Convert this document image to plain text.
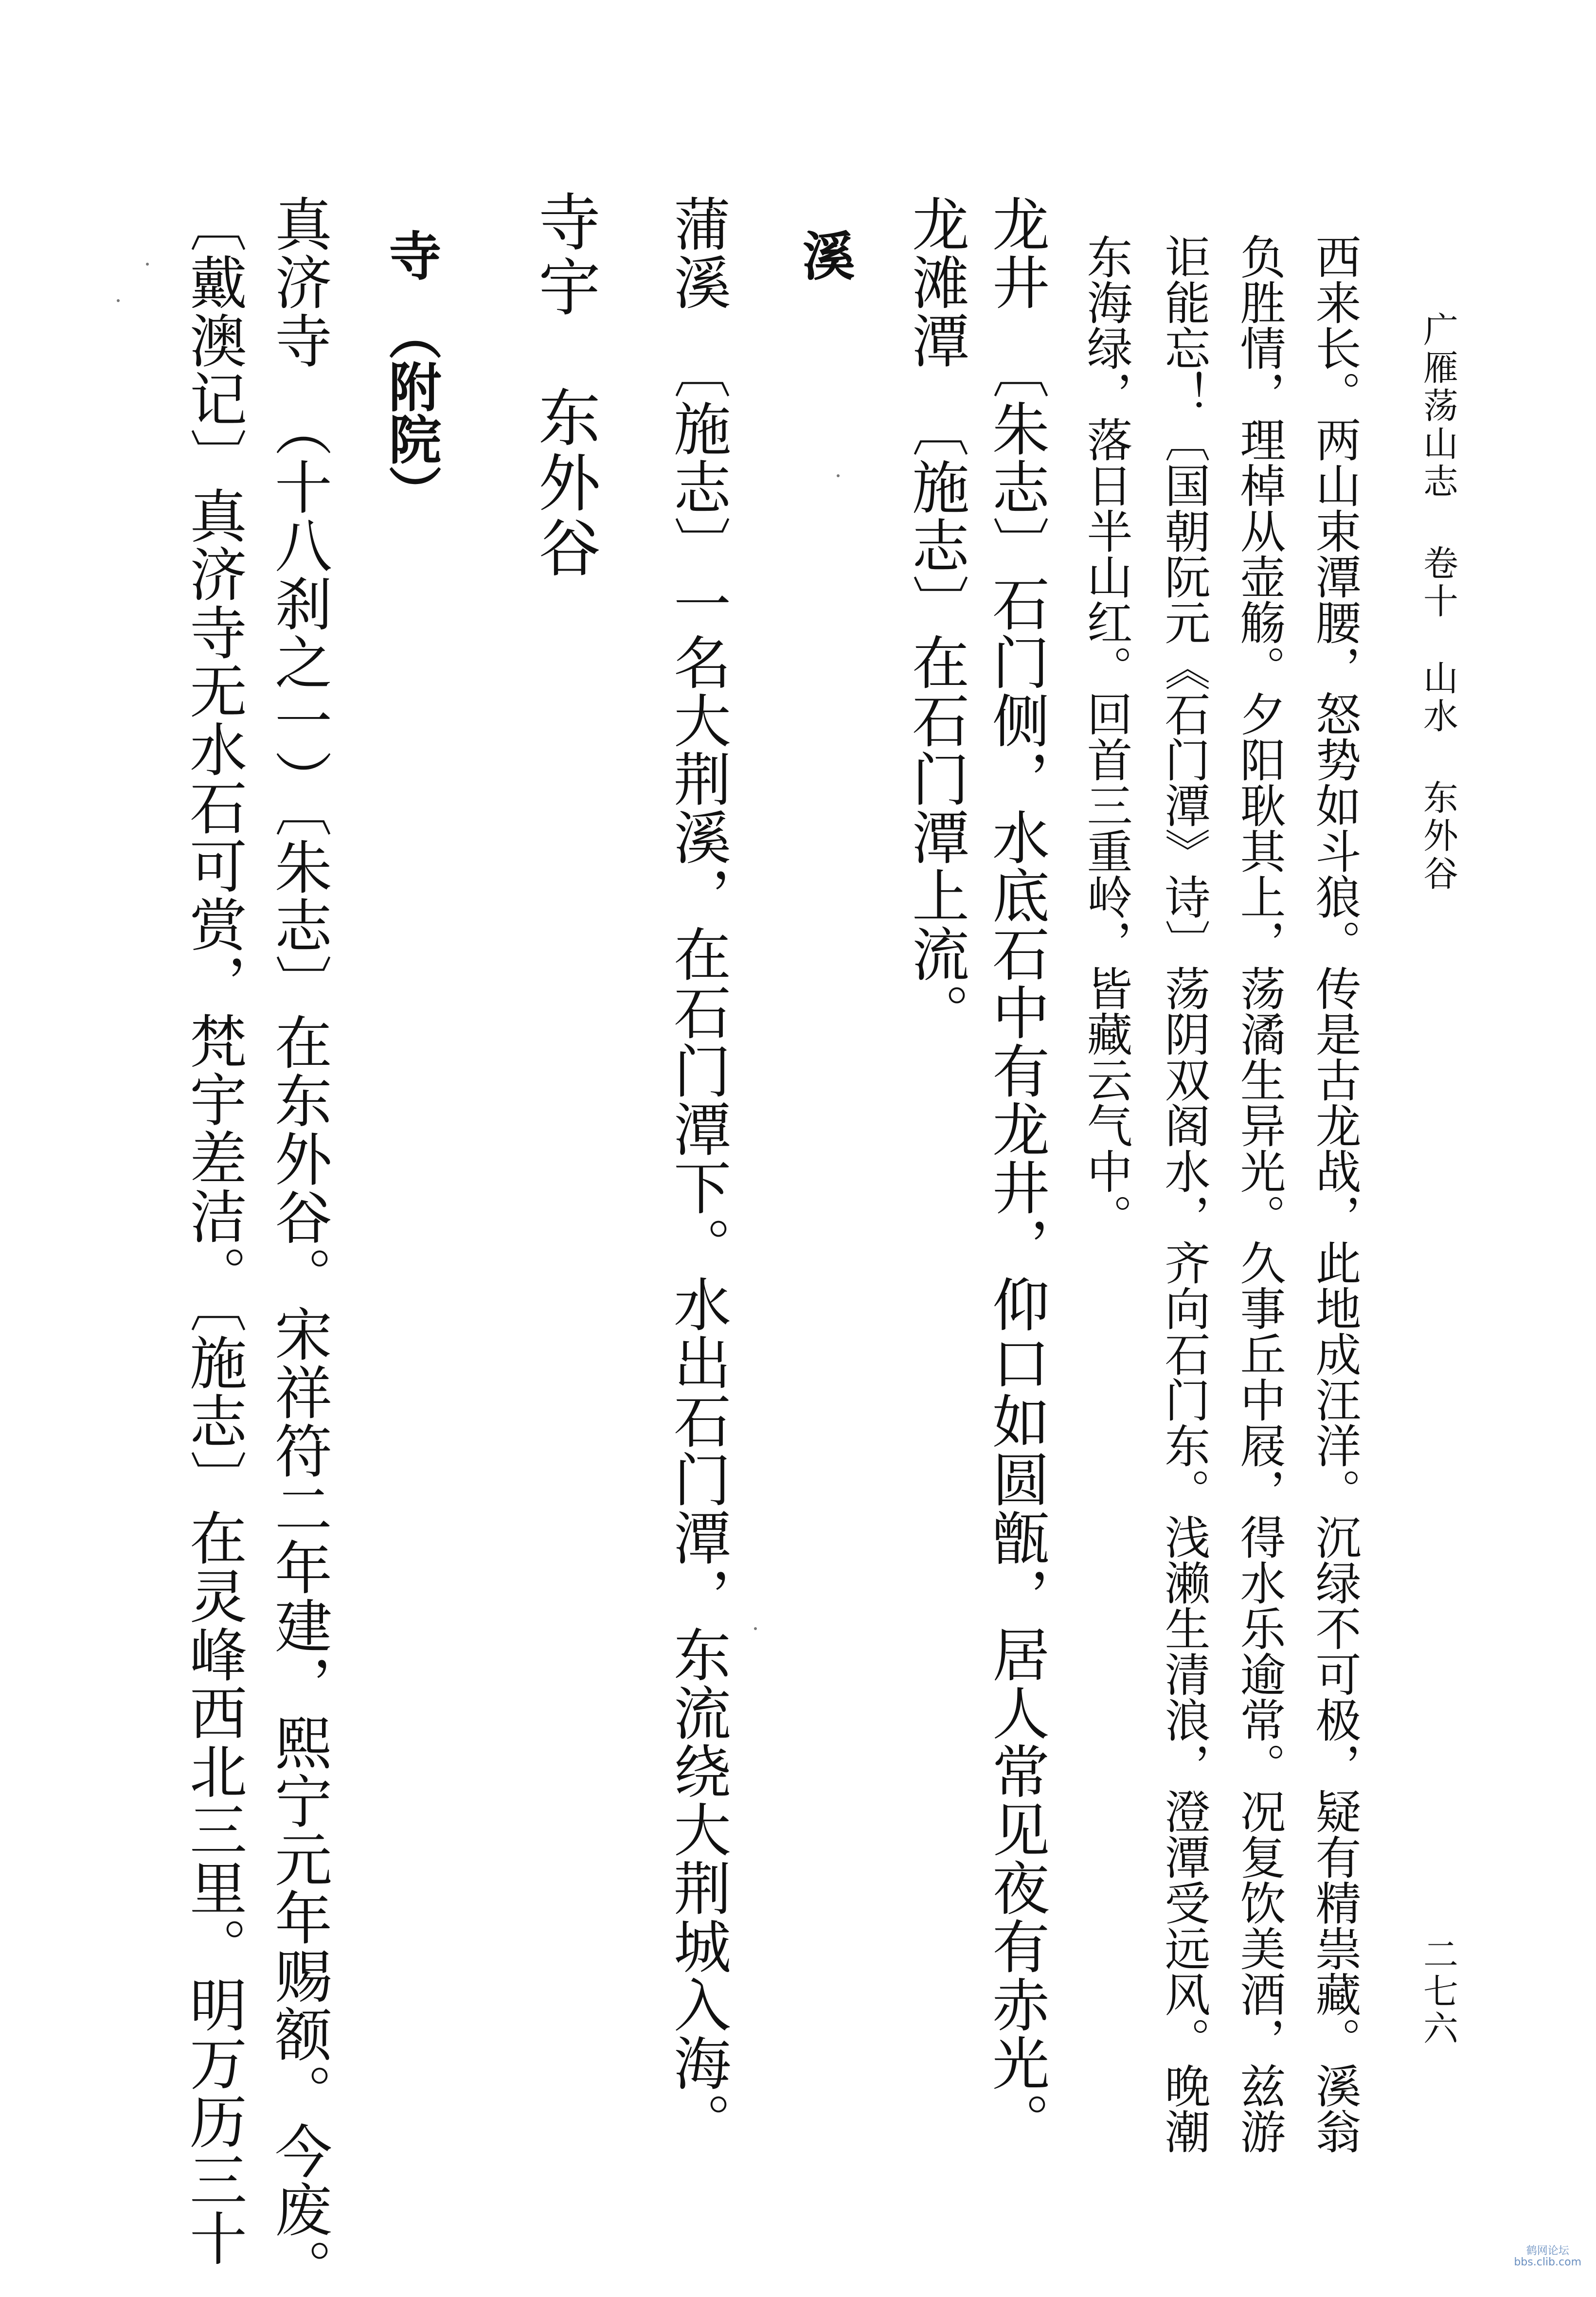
广雁荡山志卷十山水东外谷
二七六
西来长。两山束潭腰，怒势如斗狼。传是古龙战，此地成汪洋。沉绿不可极，疑有精祟藏。溪翁
负胜情，理棹从壶觞。夕阳耿其上，荡潏生异光。久事丘中屐，得水乐逾常。况复饮美酒，兹游
讵能忘！〔国朝阮元《石门潭》诗〕荡阴双阁水，齐向石门东。浅濑生清浪，澄潭受远风。晚潮
东海绿，落日半山红。回首三重岭，皆藏云气中。
龙井　〔朱志〕石门侧，水底石中有龙井，仰口如圆甑，居人常见夜有赤光。
龙滩潭　〔施志〕在石门潭上流。
溪
蒲溪　〔施志〕一名大荆溪，在石门潭下。水出石门潭，东流绕大荆城入海。
寺宇　东外谷
寺　（附院）
真济寺　（十八刹之一）〔朱志〕在东外谷。宋祥符二年建，熙宁元年赐额。今废。
〔戴澳记〕真济寺无水石可赏，梵宇差洁。〔施志〕在灵峰西北三里。明万历三十	鹤网论坛
bbs.clib.com
